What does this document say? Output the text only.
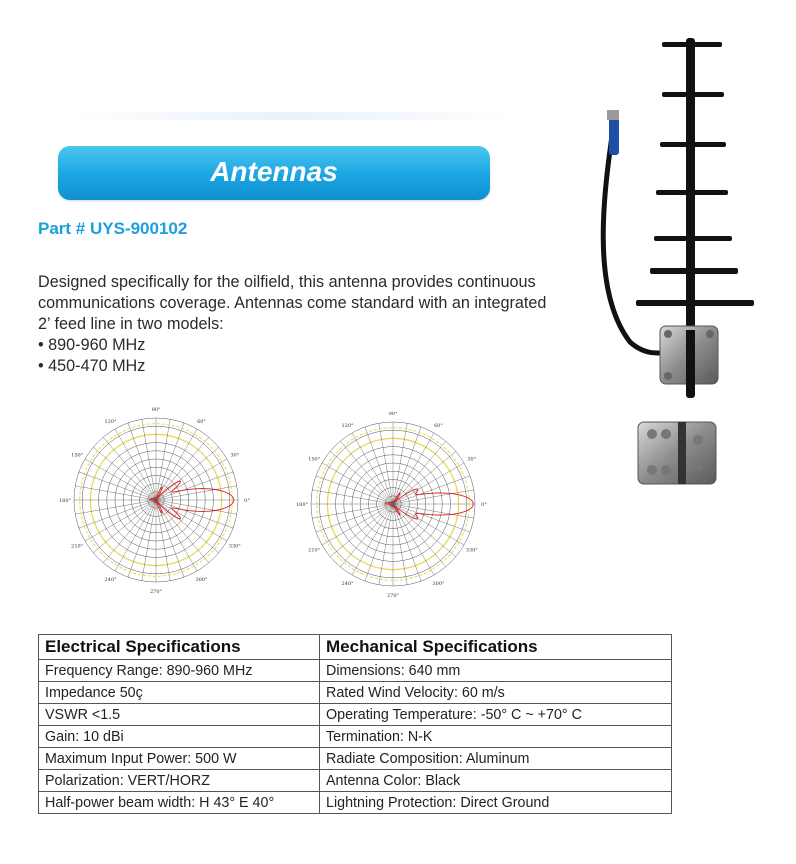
Antennas
Part # UYS-900102
Designed specifically for the oilfield, this antenna provides continuous
communications coverage. Antennas come standard with an integrated
2’ feed line in two models:
• 890-960 MHz
• 450-470 MHz
0°
30°
60°
90°
120°
150°
180°
210°
240°
270°
300°
330°
0°
30°
60°
90°
120°
150°
180°
210°
240°
270°
300°
330°
Electrical Specifications	Mechanical Specifications
Frequency Range: 890-960 MHz	Dimensions: 640 mm
Impedance 50ç	Rated Wind Velocity: 60 m/s
VSWR <1.5	Operating Temperature: -50° C ~ +70° C
Gain: 10 dBi	Termination: N-K
Maximum Input Power: 500 W	Radiate Composition: Aluminum
Polarization: VERT/HORZ	Antenna Color: Black
Half-power beam width: H 43° E 40°	Lightning Protection: Direct Ground
